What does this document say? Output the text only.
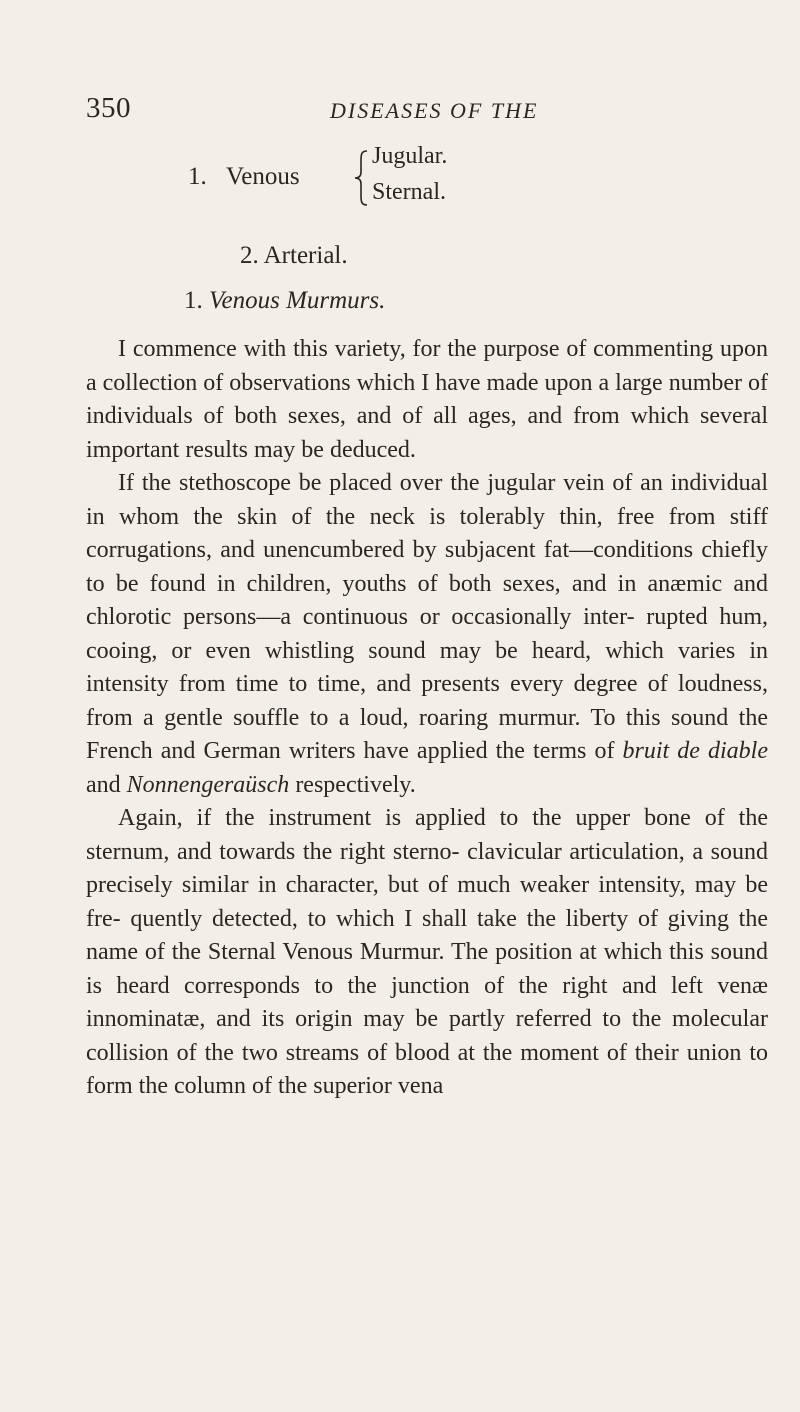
350	DISEASES OF THE
1. Venous
Jugular.
Sternal.
2. Arterial.
1. Venous Murmurs.

I commence with this variety, for the purpose of commenting upon a collection of observations which I have made upon a large number of individuals of both sexes, and of all ages, and from which several important results may be deduced.

If the stethoscope be placed over the jugular vein of an individual in whom the skin of the neck is tolerably thin, free from stiff corrugations, and unencumbered by subjacent fat—conditions chiefly to be found in children, youths of both sexes, and in anæmic and chlorotic persons—a continuous or occasionally inter- rupted hum, cooing, or even whistling sound may be heard, which varies in intensity from time to time, and presents every degree of loudness, from a gentle souffle to a loud, roaring murmur. To this sound the French and German writers have applied the terms of bruit de diable and Nonnengeraüsch respectively.

Again, if the instrument is applied to the upper bone of the sternum, and towards the right sterno- clavicular articulation, a sound precisely similar in character, but of much weaker intensity, may be fre- quently detected, to which I shall take the liberty of giving the name of the Sternal Venous Murmur. The position at which this sound is heard corresponds to the junction of the right and left venæ innominatæ, and its origin may be partly referred to the molecular collision of the two streams of blood at the moment of their union to form the column of the superior vena
